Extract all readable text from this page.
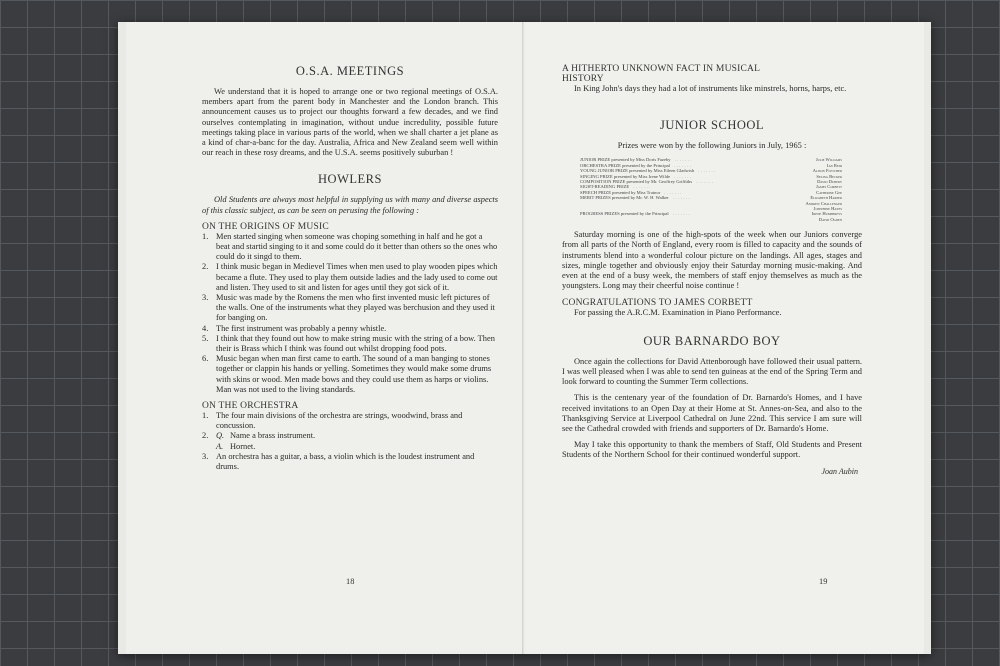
O.S.A. MEETINGS

We understand that it is hoped to arrange one or two regional meetings of O.S.A. members apart from the parent body in Manchester and the London branch. This announcement causes us to project our thoughts forward a few decades, and we find ourselves contemplating in imagination, without undue incredulity, possible future meetings taking place in various parts of the world, when we shall charter a jet plane as a kind of char-a-banc for the day. Australia, Africa and New Zealand seem well within our reach in these rosy dreams, and the U.S.A. seems positively suburban !

HOWLERS

Old Students are always most helpful in supplying us with many and diverse aspects of this classic subject, as can be seen on perusing the following :

ON THE ORIGINS OF MUSIC
1. Men started singing when someone was choping something in half and he got a beat and startid singing to it and some could do it better than others so the ones who could do it singd to them.
2. I think music began in Medievel Times when men used to play wooden pipes which became a flute. They used to play them outside ladies and the lady used to come out and listen. They used to sit and listen for ages until they got sick of it.
3. Music was made by the Romens the men who first invented music left pictures of the walls. One of the instruments what they played was berchusion and they used it for banging on.
4. The first instrument was probably a penny whistle.
5. I think that they found out how to make string music with the string of a bow. Then their is Brass which I think was found out whilst dropping food pots.
6. Music began when man first came to earth. The sound of a man banging to stones together or clappin his hands or yelling. Sometimes they would make some drums with skins or wood. Men made bows and they could use them as harps or violins. Man was not used to the living standards.
ON THE ORCHESTRA
1. The four main divisions of the orchestra are strings, woodwind, brass and concussion.
2. Q. Name a brass instrument.
A. Hornet.
3. An orchestra has a guitar, a bass, a violin which is the loudest instrument and drums.
18
A HITHERTO UNKNOWN FACT IN MUSICAL HISTORY

In King John's days they had a lot of instruments like minstrels, horns, harps, etc.

JUNIOR SCHOOL

Prizes were won by the following Juniors in July, 1965 :

JUNIOR PRIZE presented by Miss Doris Fazeby .......	Julie Williams
ORCHESTRA PRIZE presented by the Principal .......	Ian Reid
YOUNG JUNIOR PRIZE presented by Miss Eileen Gladwish .......	Alison Fletcher
SINGING PRIZE presented by Miss Irene Wilde .......	Selina Becker
COMPOSITION PRIZE presented by Mr. Geoffrey Griffiths .......	David Dubery
SIGHT-READING PRIZE .......	James Corbett
SPEECH PRIZE presented by Miss Trainor .......	Catherine Gee
MERIT PRIZES presented by Mr. W. H. Walker .......	Elizabeth Harper
Andrew Challenger
Josephine Hayes
PROGRESS PRIZES presented by the Principal .......	Irene Humphreys
David Ogden

Saturday morning is one of the high-spots of the week when our Juniors converge from all parts of the North of England, every room is filled to capacity and the sounds of instruments blend into a wonderful colour picture on the landings. All ages, stages and sizes, mingle together and obviously enjoy their Saturday morning music-making. And even at the end of a busy week, the members of staff enjoy themselves as much as the youngsters. Long may their cheerful noise continue !

CONGRATULATIONS TO JAMES CORBETT

For passing the A.R.C.M. Examination in Piano Performance.

OUR BARNARDO BOY

Once again the collections for David Attenborough have followed their usual pattern. I was well pleased when I was able to send ten guineas at the end of the Spring Term and look forward to counting the Summer Term collections.

This is the centenary year of the foundation of Dr. Barnardo's Homes, and I have received invitations to an Open Day at their Home at St. Annes-on-Sea, and also to the Thanksgiving Service at Liverpool Cathedral on June 22nd. This service I am sure will see the Cathedral crowded with friends and supporters of Dr. Barnardo's Home.

May I take this opportunity to thank the members of Staff, Old Students and Present Students of the Northern School for their continued wonderful support.

Joan Aubin
19
